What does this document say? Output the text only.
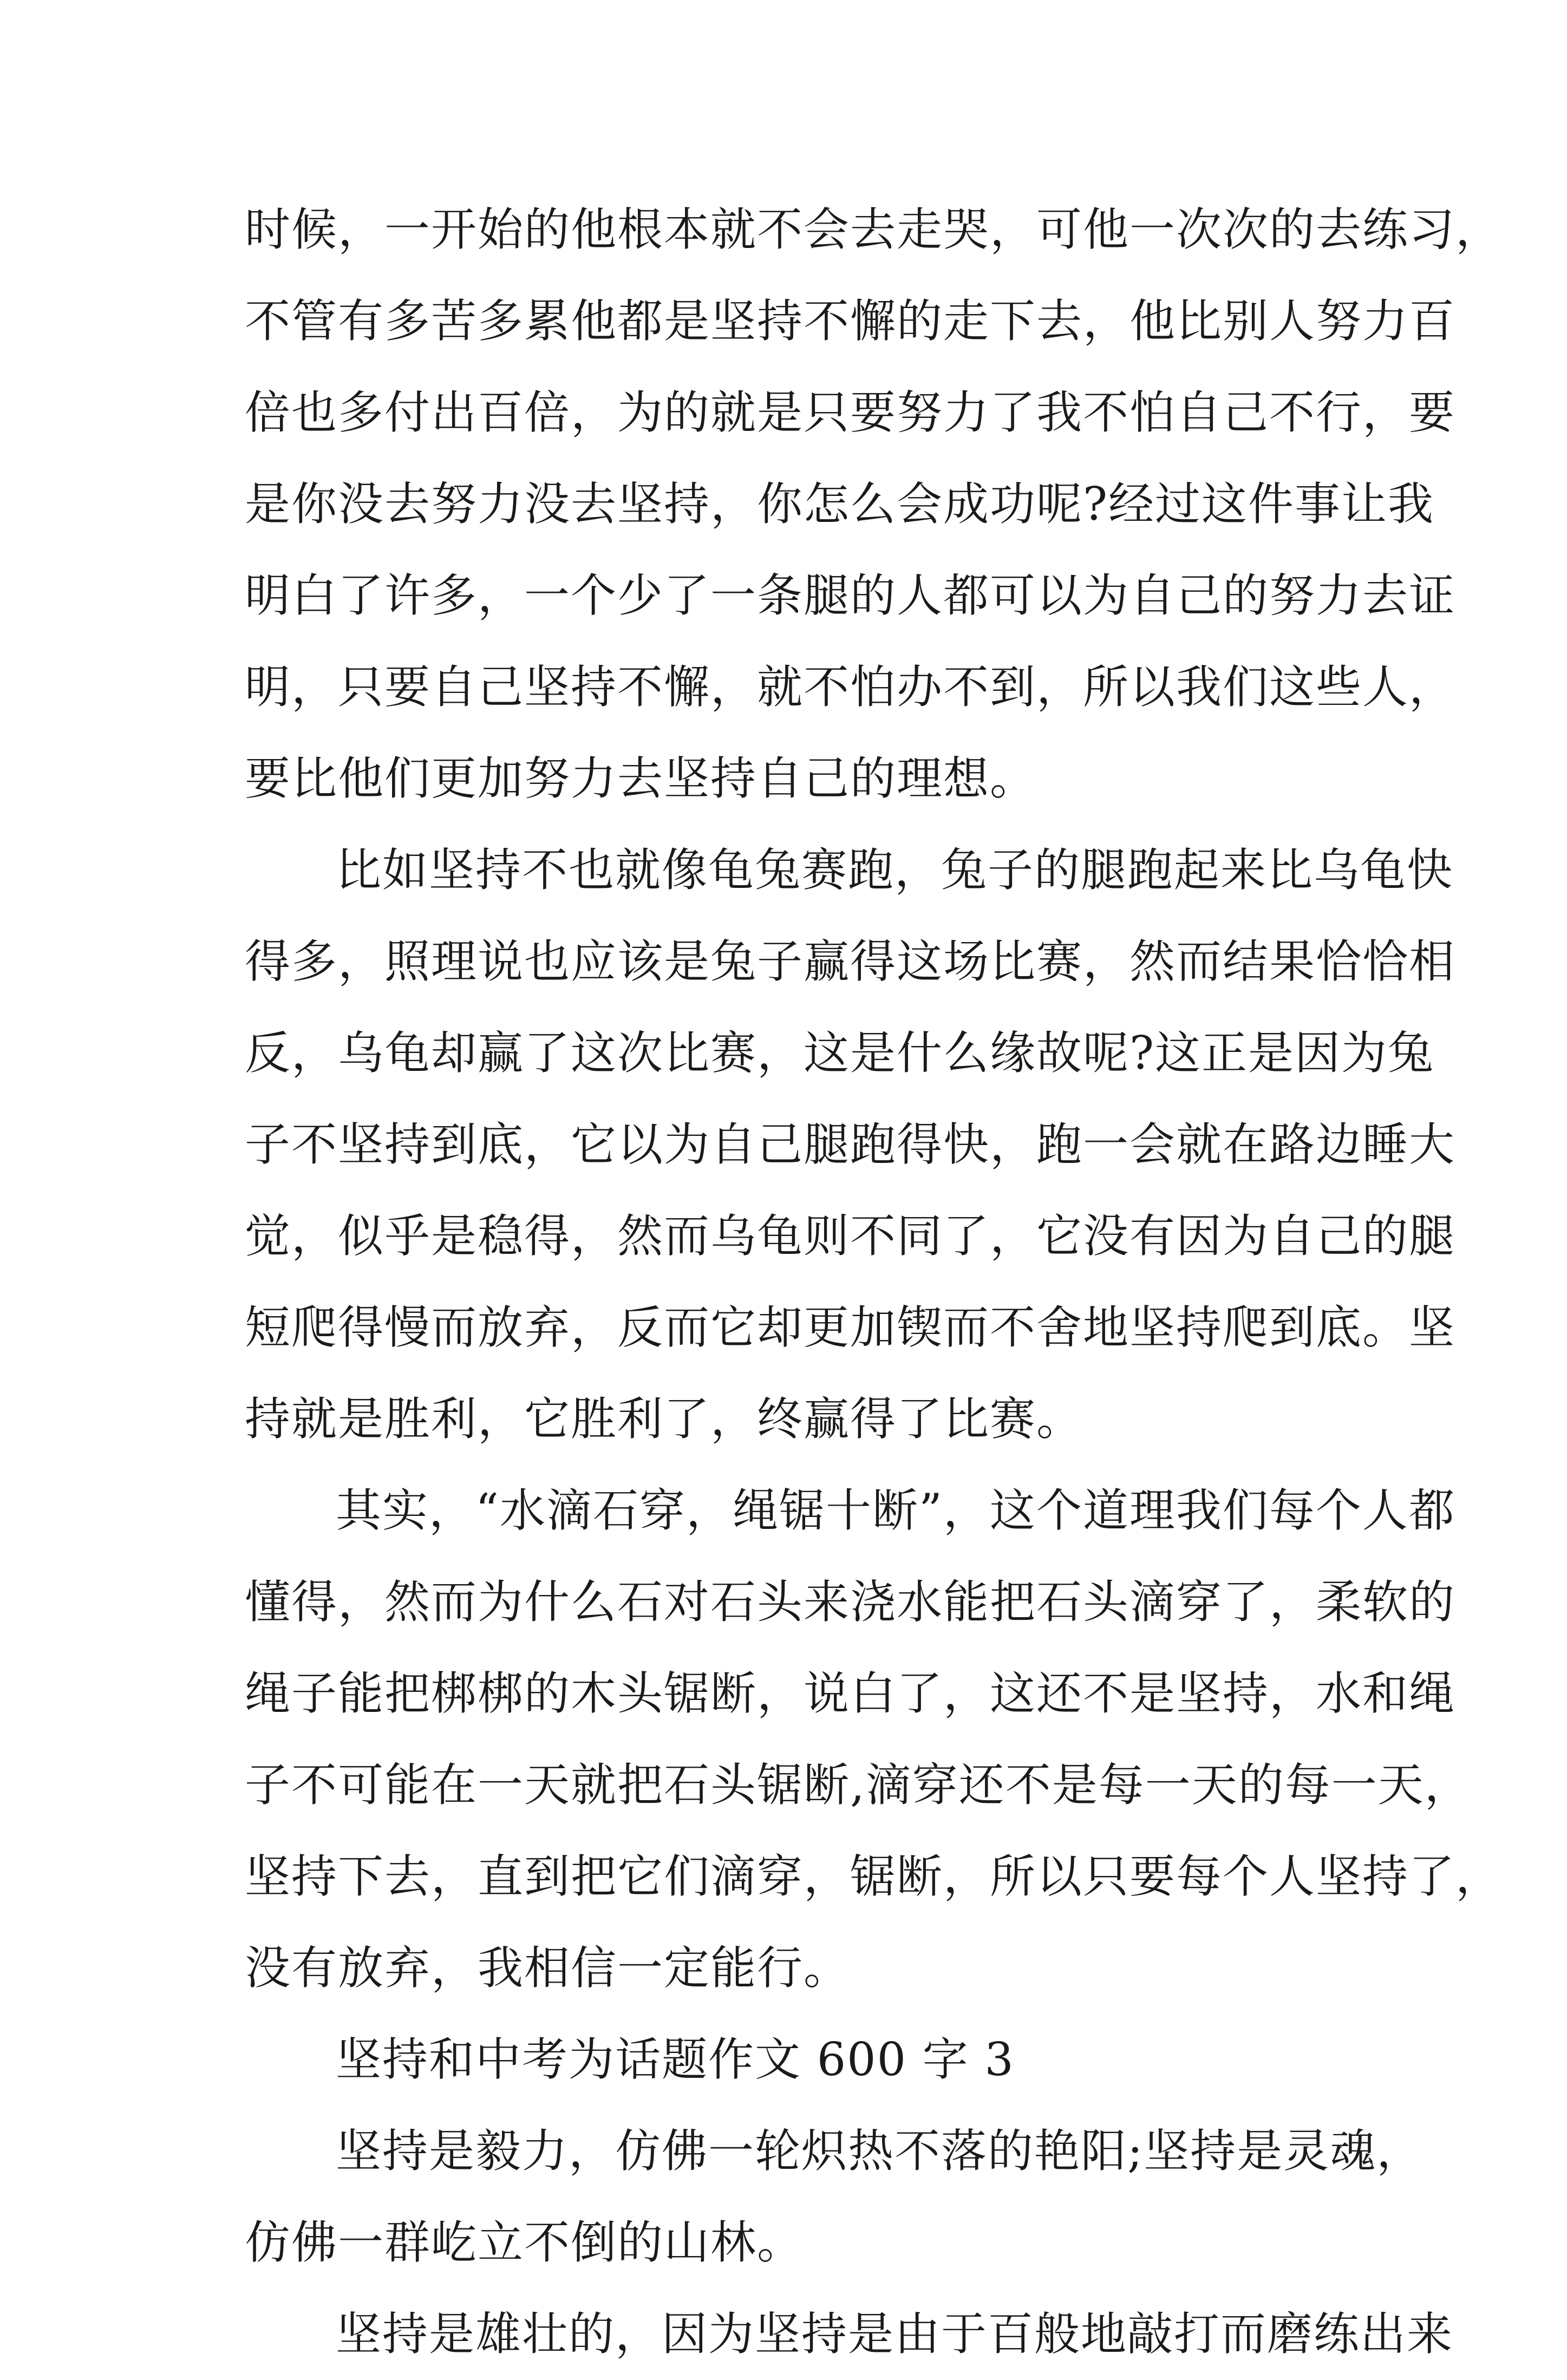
时候，一开始的他根本就不会去走哭，可他一次次的去练习，
不管有多苦多累他都是坚持不懈的走下去，他比别人努力百
倍也多付出百倍，为的就是只要努力了我不怕自己不行，要
是你没去努力没去坚持，你怎么会成功呢?经过这件事让我
明白了许多，一个少了一条腿的人都可以为自己的努力去证
明，只要自己坚持不懈，就不怕办不到，所以我们这些人，
要比他们更加努力去坚持自己的理想。
比如坚持不也就像龟兔赛跑，兔子的腿跑起来比乌龟快
得多，照理说也应该是兔子赢得这场比赛，然而结果恰恰相
反，乌龟却赢了这次比赛，这是什么缘故呢?这正是因为兔
子不坚持到底，它以为自己腿跑得快，跑一会就在路边睡大
觉，似乎是稳得，然而乌龟则不同了，它没有因为自己的腿
短爬得慢而放弃，反而它却更加锲而不舍地坚持爬到底。坚
持就是胜利，它胜利了，终赢得了比赛。
其实，“水滴石穿，绳锯十断”，这个道理我们每个人都
懂得，然而为什么石对石头来浇水能把石头滴穿了，柔软的
绳子能把梆梆的木头锯断，说白了，这还不是坚持，水和绳
子不可能在一天就把石头锯断,滴穿还不是每一天的每一天，
坚持下去，直到把它们滴穿，锯断，所以只要每个人坚持了，
没有放弃，我相信一定能行。
坚持和中考为话题作文 600 字 3
坚持是毅力，仿佛一轮炽热不落的艳阳;坚持是灵魂，
仿佛一群屹立不倒的山林。
坚持是雄壮的，因为坚持是由于百般地敲打而磨练出来
